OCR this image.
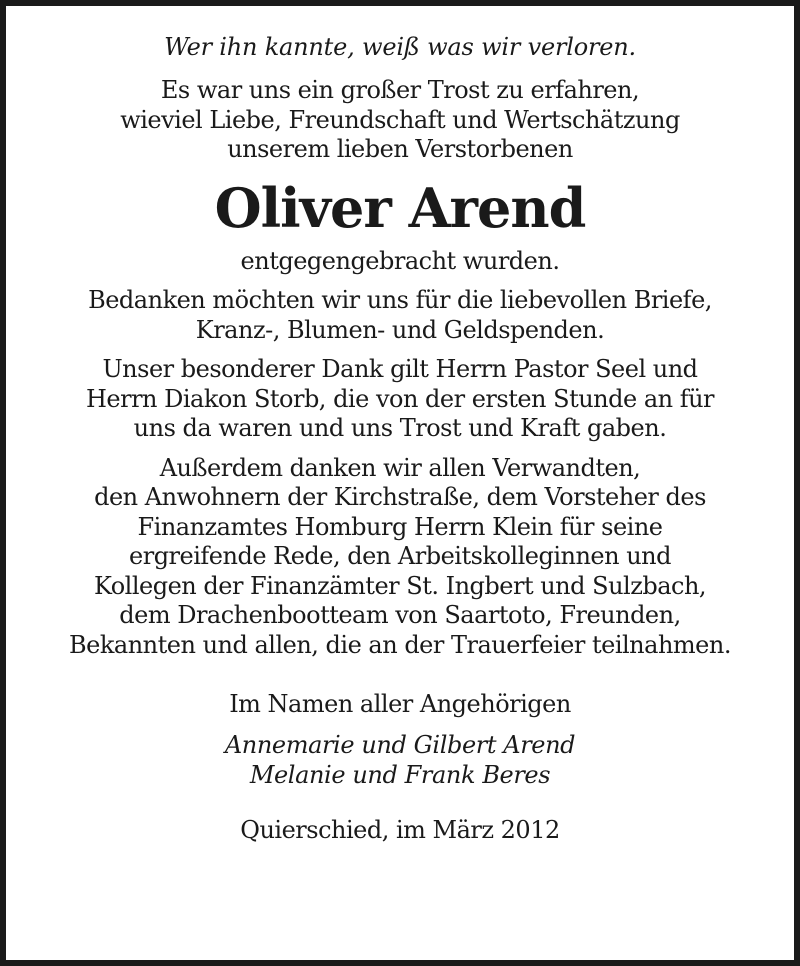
Wer ihn kannte, weiß was wir verloren.
Es war uns ein großer Trost zu erfahren,
wieviel Liebe, Freundschaft und Wertschätzung
unserem lieben Verstorbenen
Oliver Arend
entgegengebracht wurden.
Bedanken möchten wir uns für die liebevollen Briefe,
Kranz-, Blumen- und Geldspenden.
Unser besonderer Dank gilt Herrn Pastor Seel und
Herrn Diakon Storb, die von der ersten Stunde an für
uns da waren und uns Trost und Kraft gaben.
Außerdem danken wir allen Verwandten,
den Anwohnern der Kirchstraße, dem Vorsteher des
Finanzamtes Homburg Herrn Klein für seine
ergreifende Rede, den Arbeitskolleginnen und
Kollegen der Finanzämter St. Ingbert und Sulzbach,
dem Drachenbootteam von Saartoto, Freunden,
Bekannten und allen, die an der Trauerfeier teilnahmen.
Im Namen aller Angehörigen
Annemarie und Gilbert Arend
Melanie und Frank Beres
Quierschied, im März 2012
